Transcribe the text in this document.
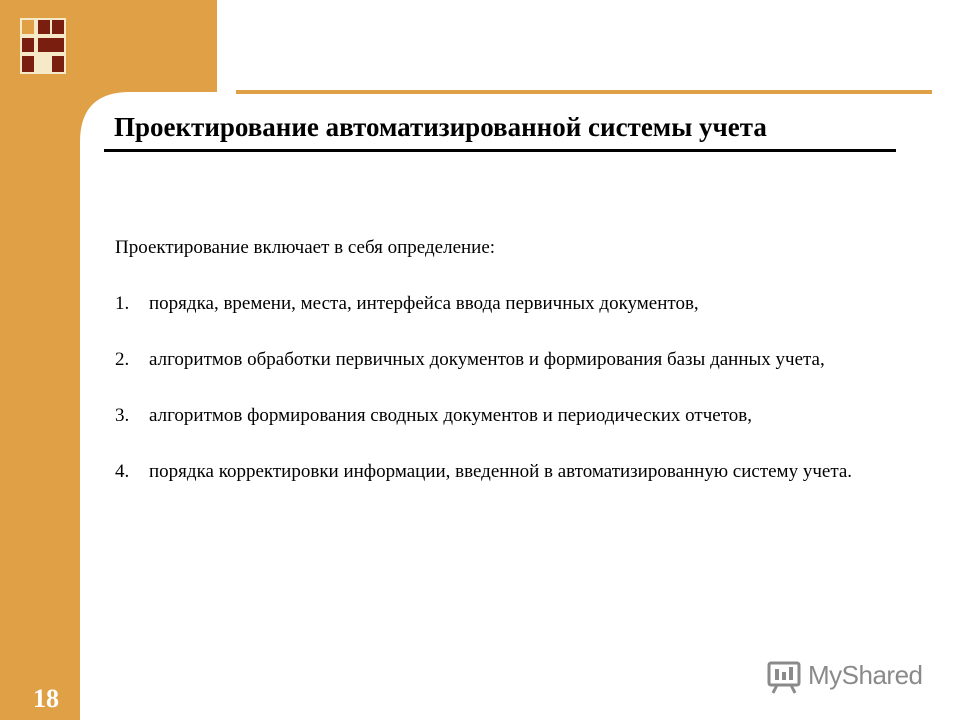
Проектирование автоматизированной системы учета

Проектирование включает в себя определение:

1. порядка, времени, места, интерфейса ввода первичных документов,

2. алгоритмов обработки первичных документов и формирования базы данных учета,

3. алгоритмов формирования сводных документов и периодических отчетов,

4. порядка корректировки информации, введенной в автоматизированную систему учета.

18
MyShared
